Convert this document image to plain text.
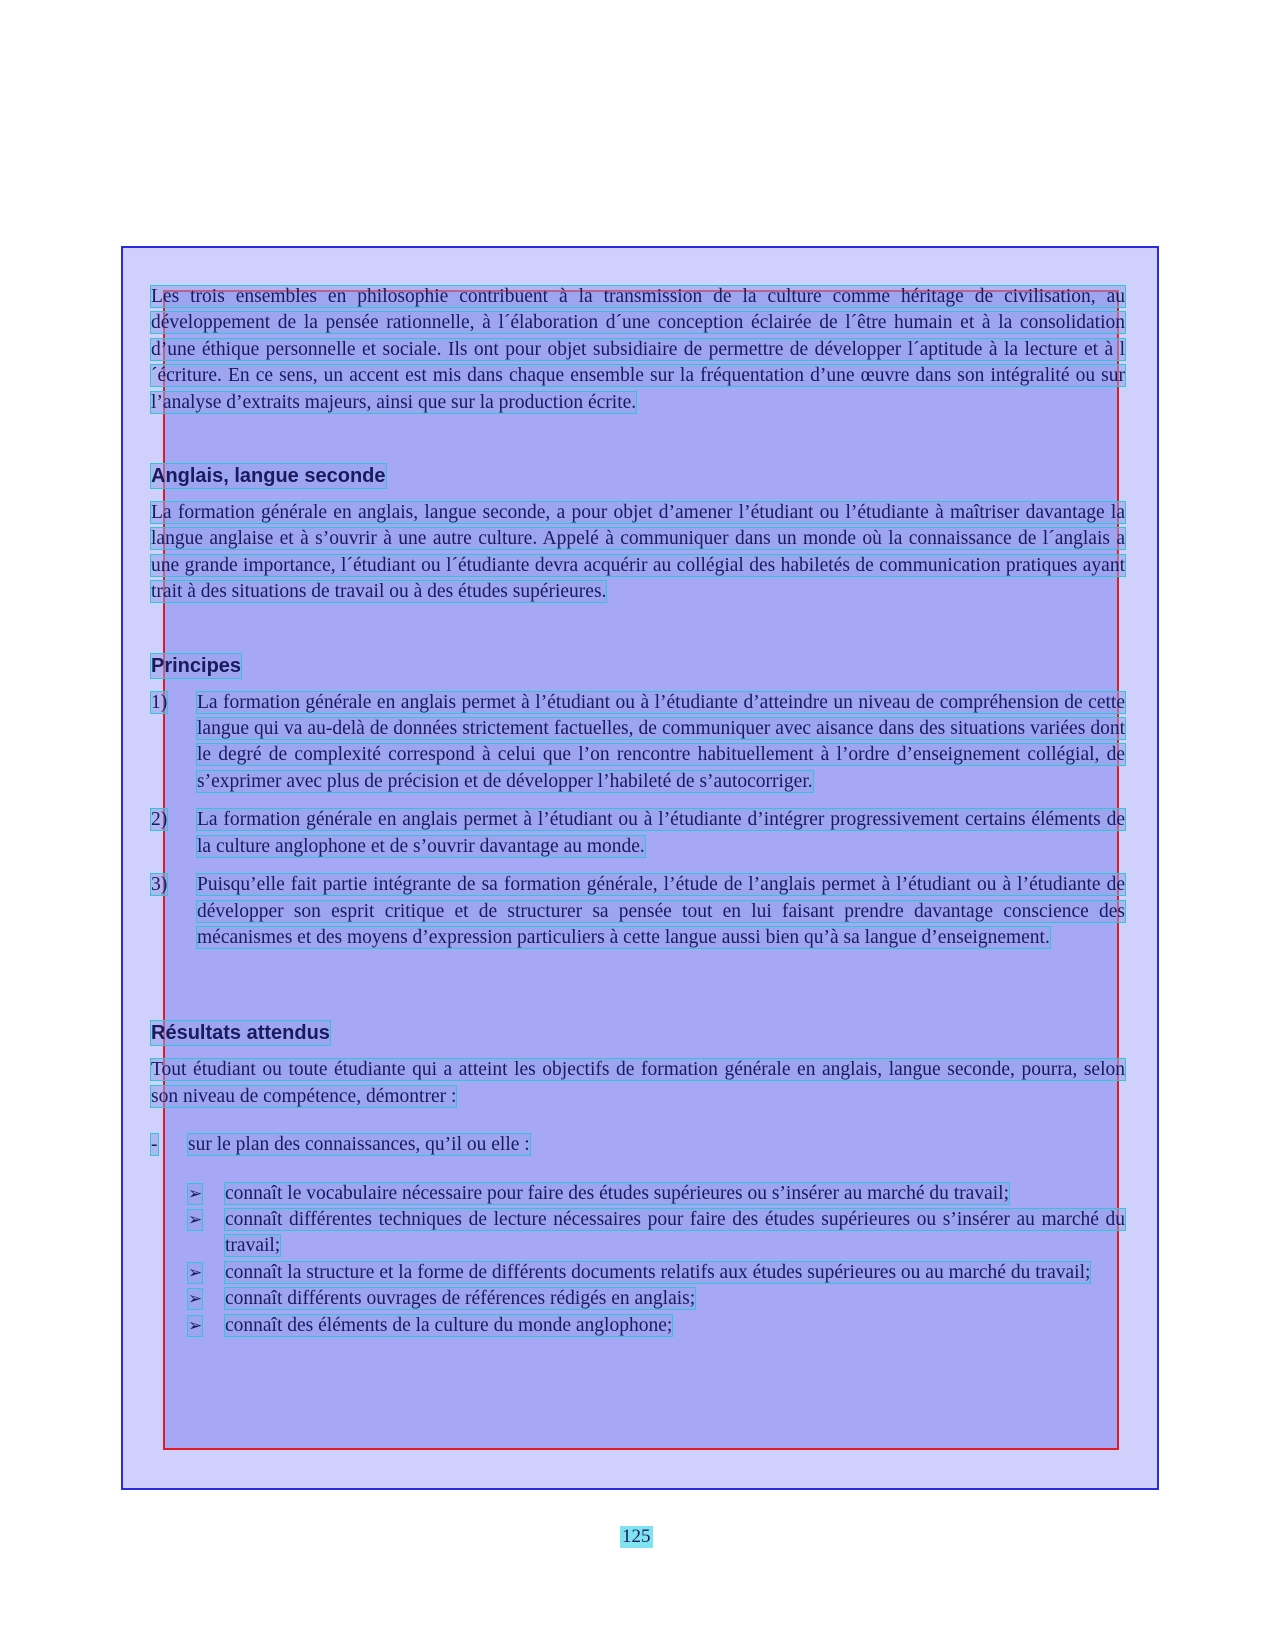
Les trois ensembles en philosophie contribuent à la transmission de la culture comme héritage de civilisation, au développement de la pensée rationnelle, à l´élaboration d´une conception éclairée de l´être humain et à la consolidation d’une éthique personnelle et sociale. Ils ont pour objet subsidiaire de permettre de développer l´aptitude à la lecture et à l´écriture. En ce sens, un accent est mis dans chaque ensemble sur la fréquentation d’une œuvre dans son intégralité ou sur l’analyse d’extraits majeurs, ainsi que sur la production écrite.

Anglais, langue seconde

La formation générale en anglais, langue seconde, a pour objet d’amener l’étudiant ou l’étudiante à maîtriser davantage la langue anglaise et à s’ouvrir à une autre culture. Appelé à communiquer dans un monde où la connaissance de l´anglais a une grande importance, l´étudiant ou l´étudiante devra acquérir au collégial des habiletés de communication pratiques ayant trait à des situations de travail ou à des études supérieures.

Principes
1)	La formation générale en anglais permet à l’étudiant ou à l’étudiante d’atteindre un niveau de compréhension de cette langue qui va au-delà de données strictement factuelles, de communiquer avec aisance dans des situations variées dont le degré de complexité correspond à celui que l’on rencontre habituellement à l’ordre d’enseignement collégial, de s’exprimer avec plus de précision et de développer l’habileté de s’autocorriger.

2)	La formation générale en anglais permet à l’étudiant ou à l’étudiante d’intégrer progressivement certains éléments de la culture anglophone et de s’ouvrir davantage au monde.

3)	Puisqu’elle fait partie intégrante de sa formation générale, l’étude de l’anglais permet à l’étudiant ou à l’étudiante de développer son esprit critique et de structurer sa pensée tout en lui faisant prendre davantage conscience des mécanismes et des moyens d’expression particuliers à cette langue aussi bien qu’à sa langue d’enseignement.

Résultats attendus

Tout étudiant ou toute étudiante qui a atteint les objectifs de formation générale en anglais, langue seconde, pourra, selon son niveau de compétence, démontrer :

-	sur le plan des connaissances, qu’il ou elle :

➢	connaît le vocabulaire nécessaire pour faire des études supérieures ou s’insérer au marché du travail;

➢	connaît différentes techniques de lecture nécessaires pour faire des études supérieures ou s’insérer au marché du travail;

➢	connaît la structure et la forme de différents documents relatifs aux études supérieures ou au marché du travail;

➢	connaît différents ouvrages de références rédigés en anglais;

➢	connaît des éléments de la culture du monde anglophone;

125
